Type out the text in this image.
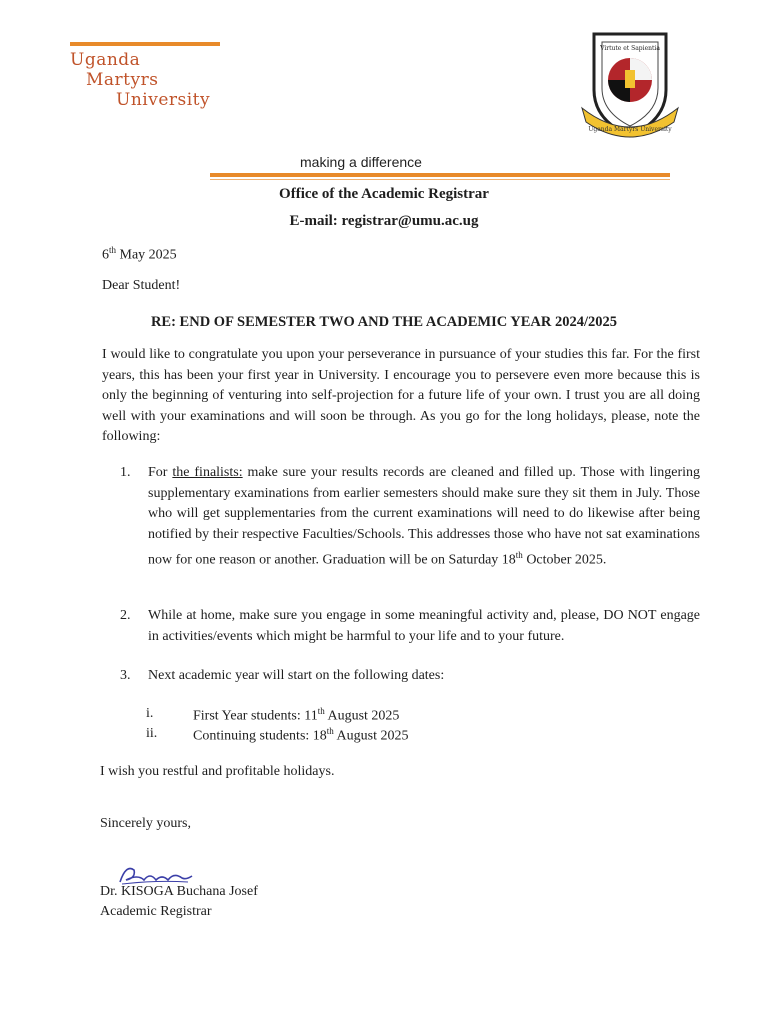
Uganda
Martyrs
University
Virtute et Sapientia
Uganda Martyrs University
making a difference
Office of the Academic Registrar
E-mail: registrar@umu.ac.ug
6th May 2025
Dear Student!
RE: END OF SEMESTER TWO AND THE ACADEMIC YEAR 2024/2025
I would like to congratulate you upon your perseverance in pursuance of your studies this far. For the first years, this has been your first year in University. I encourage you to persevere even more because this is only the beginning of venturing into self-projection for a future life of your own. I trust you are all doing well with your examinations and will soon be through. As you go for the long holidays, please, note the following:
1. For the finalists: make sure your results records are cleaned and filled up. Those with lingering supplementary examinations from earlier semesters should make sure they sit them in July. Those who will get supplementaries from the current examinations will need to do likewise after being notified by their respective Faculties/Schools. This addresses those who have not sat examinations now for one reason or another. Graduation will be on Saturday 18th October 2025.
2. While at home, make sure you engage in some meaningful activity and, please, DO NOT engage in activities/events which might be harmful to your life and to your future.
3. Next academic year will start on the following dates:
i.	First Year students: 11th August 2025
ii.	Continuing students: 18th August 2025
I wish you restful and profitable holidays.
Sincerely yours,
Dr. KISOGA Buchana Josef
Academic Registrar
